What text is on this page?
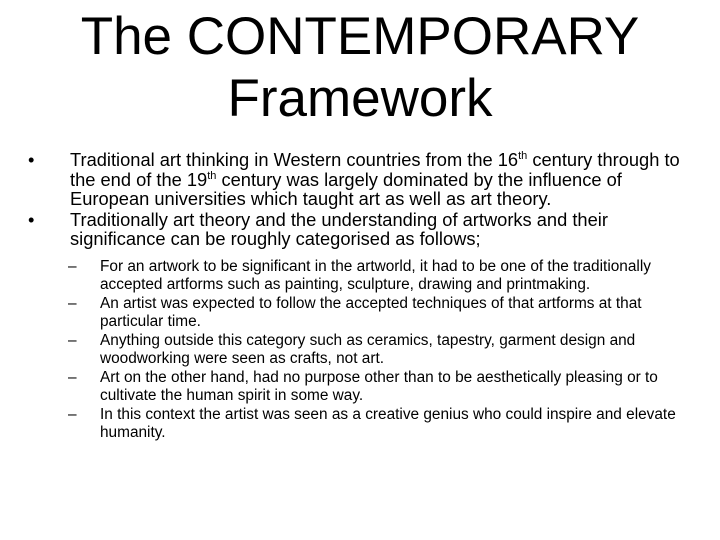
The CONTEMPORARY
Framework
•	Traditional art thinking in Western countries from the 16th century through to the end of the 19th century was largely dominated by the influence of European universities which taught art as well as art theory.
•	Traditionally art theory and the understanding of artworks and their significance can be roughly categorised as follows;
–	For an artwork to be significant in the artworld, it had to be one of the traditionally accepted artforms such as painting, sculpture, drawing and printmaking.
–	An artist was expected to follow the accepted techniques of that artforms at that particular time.
–	Anything outside this category such as ceramics, tapestry, garment design and woodworking were seen as crafts, not art.
–	Art on the other hand, had no purpose other than to be aesthetically pleasing or to cultivate the human spirit in some way.
–	In this context the artist was seen as a creative genius who could inspire and elevate humanity.
